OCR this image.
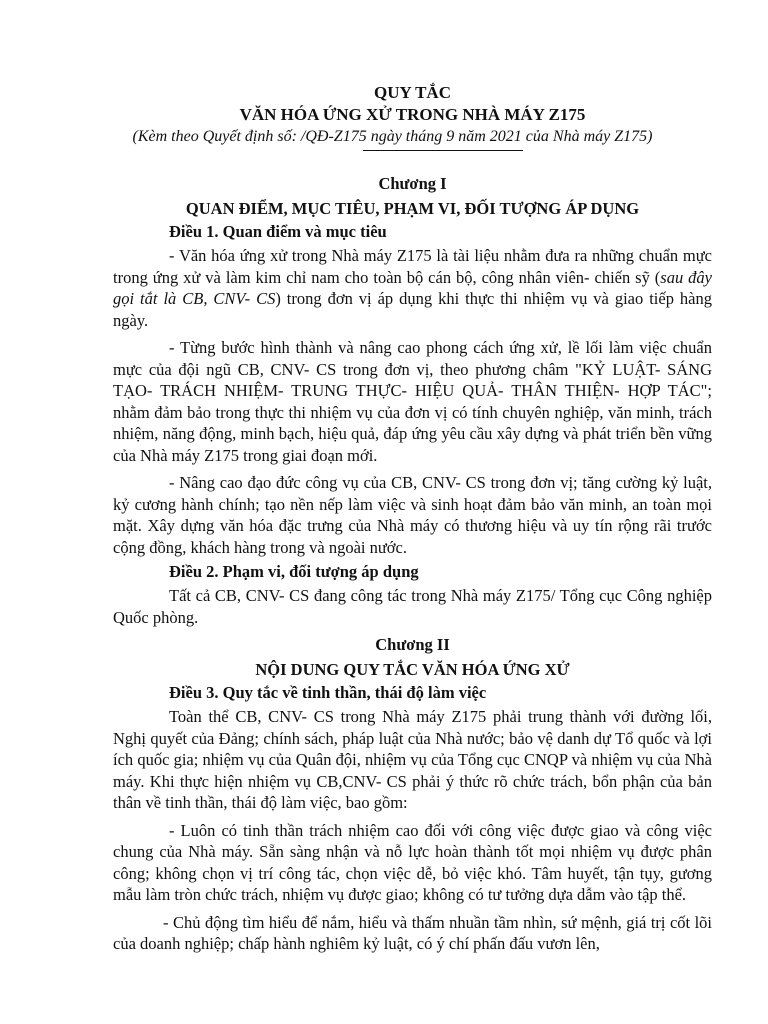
QUY TẮC

VĂN HÓA ỨNG XỬ TRONG NHÀ MÁY Z175

(Kèm theo Quyết định số: /QĐ-Z175 ngày tháng 9 năm 2021 của Nhà máy Z175)

Chương I

QUAN ĐIỂM, MỤC TIÊU, PHẠM VI, ĐỐI TƯỢNG ÁP DỤNG

Điều 1. Quan điểm và mục tiêu

- Văn hóa ứng xử trong Nhà máy Z175 là tài liệu nhằm đưa ra những chuẩn mực trong ứng xử và làm kim chỉ nam cho toàn bộ cán bộ, công nhân viên- chiến sỹ (sau đây gọi tắt là CB, CNV- CS) trong đơn vị áp dụng khi thực thi nhiệm vụ và giao tiếp hàng ngày.

- Từng bước hình thành và nâng cao phong cách ứng xử, lề lối làm việc chuẩn mực của đội ngũ CB, CNV- CS trong đơn vị, theo phương châm "KỶ LUẬT- SÁNG TẠO- TRÁCH NHIỆM- TRUNG THỰC- HIỆU QUẢ- THÂN THIỆN- HỢP TÁC"; nhằm đảm bảo trong thực thi nhiệm vụ của đơn vị có tính chuyên nghiệp, văn minh, trách nhiệm, năng động, minh bạch, hiệu quả, đáp ứng yêu cầu xây dựng và phát triển bền vững của Nhà máy Z175 trong giai đoạn mới.

- Nâng cao đạo đức công vụ của CB, CNV- CS trong đơn vị; tăng cường kỷ luật, kỷ cương hành chính; tạo nền nếp làm việc và sinh hoạt đảm bảo văn minh, an toàn mọi mặt. Xây dựng văn hóa đặc trưng của Nhà máy có thương hiệu và uy tín rộng rãi trước cộng đồng, khách hàng trong và ngoài nước.

Điều 2. Phạm vi, đối tượng áp dụng

Tất cả CB, CNV- CS đang công tác trong Nhà máy Z175/ Tổng cục Công nghiệp Quốc phòng.

Chương II

NỘI DUNG QUY TẮC VĂN HÓA ỨNG XỬ

Điều 3. Quy tắc về tinh thần, thái độ làm việc

Toàn thể CB, CNV- CS trong Nhà máy Z175 phải trung thành với đường lối, Nghị quyết của Đảng; chính sách, pháp luật của Nhà nước; bảo vệ danh dự Tổ quốc và lợi ích quốc gia; nhiệm vụ của Quân đội, nhiệm vụ của Tổng cục CNQP và nhiệm vụ của Nhà máy. Khi thực hiện nhiệm vụ CB,CNV- CS phải ý thức rõ chức trách, bổn phận của bản thân về tinh thần, thái độ làm việc, bao gồm:

- Luôn có tinh thần trách nhiệm cao đối với công việc được giao và công việc chung của Nhà máy. Sẵn sàng nhận và nỗ lực hoàn thành tốt mọi nhiệm vụ được phân công; không chọn vị trí công tác, chọn việc dễ, bỏ việc khó. Tâm huyết, tận tụy, gương mẫu làm tròn chức trách, nhiệm vụ được giao; không có tư tưởng dựa dẫm vào tập thể.

- Chủ động tìm hiểu để nắm, hiểu và thấm nhuần tầm nhìn, sứ mệnh, giá trị cốt lõi của doanh nghiệp; chấp hành nghiêm kỷ luật, có ý chí phấn đấu vươn lên,
